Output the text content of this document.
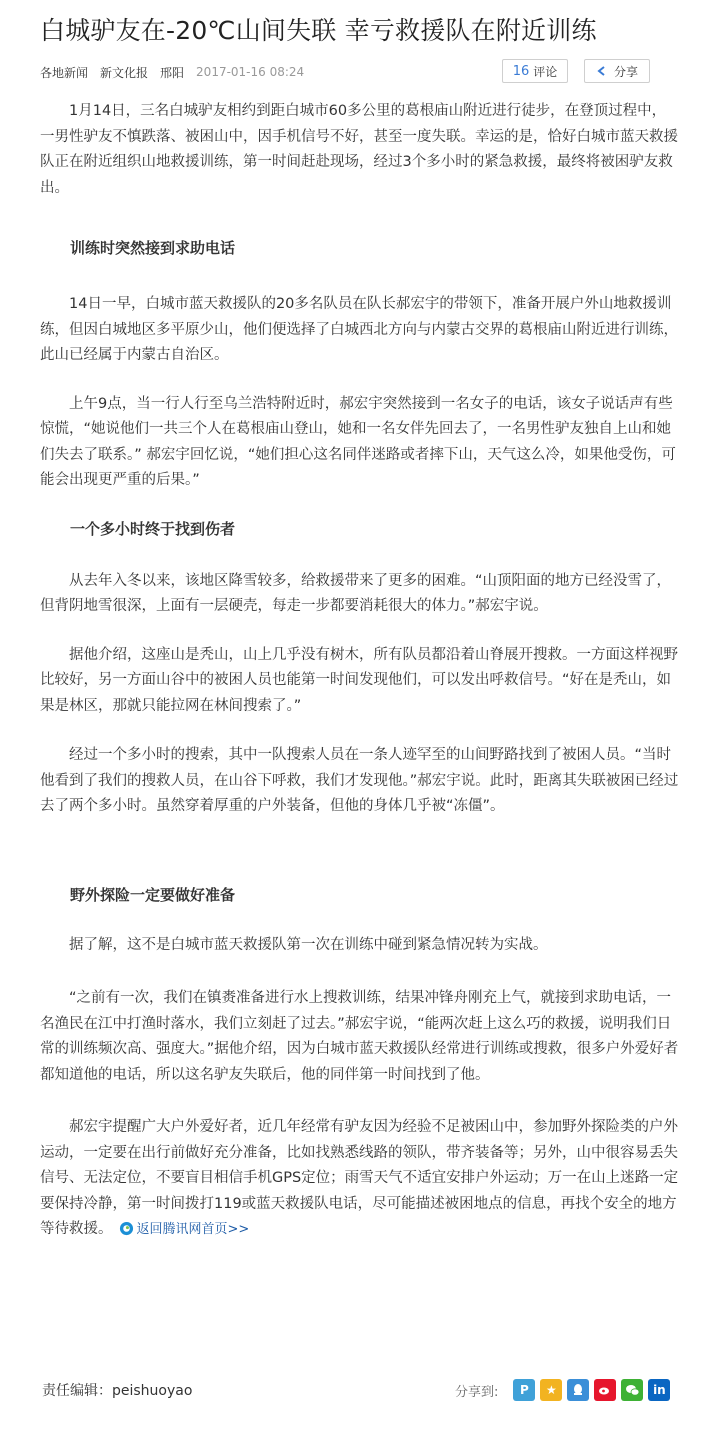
白城驴友在-20℃山间失联 幸亏救援队在附近训练
各地新闻 新文化报 邢阳 2017-01-16 08:24	16 评论	分享

1月14日，三名白城驴友相约到距白城市60多公里的葛根庙山附近进行徒步，在登顶过程中，一男性驴友不慎跌落、被困山中，因手机信号不好，甚至一度失联。幸运的是，恰好白城市蓝天救援队正在附近组织山地救援训练，第一时间赶赴现场，经过3个多小时的紧急救援，最终将被困驴友救出。

训练时突然接到求助电话

14日一早，白城市蓝天救援队的20多名队员在队长郝宏宇的带领下，准备开展户外山地救援训练，但因白城地区多平原少山，他们便选择了白城西北方向与内蒙古交界的葛根庙山附近进行训练，此山已经属于内蒙古自治区。

上午9点，当一行人行至乌兰浩特附近时，郝宏宇突然接到一名女子的电话，该女子说话声有些惊慌，“她说他们一共三个人在葛根庙山登山，她和一名女伴先回去了，一名男性驴友独自上山和她们失去了联系。” 郝宏宇回忆说，“她们担心这名同伴迷路或者摔下山，天气这么冷，如果他受伤，可能会出现更严重的后果。”

一个多小时终于找到伤者

从去年入冬以来，该地区降雪较多，给救援带来了更多的困难。“山顶阳面的地方已经没雪了，但背阴地雪很深，上面有一层硬壳，每走一步都要消耗很大的体力。”郝宏宇说。

据他介绍，这座山是秃山，山上几乎没有树木，所有队员都沿着山脊展开搜救。一方面这样视野比较好，另一方面山谷中的被困人员也能第一时间发现他们，可以发出呼救信号。“好在是秃山，如果是林区，那就只能拉网在林间搜索了。”

经过一个多小时的搜索，其中一队搜索人员在一条人迹罕至的山间野路找到了被困人员。“当时他看到了我们的搜救人员，在山谷下呼救，我们才发现他。”郝宏宇说。此时，距离其失联被困已经过去了两个多小时。虽然穿着厚重的户外装备，但他的身体几乎被“冻僵”。

野外探险一定要做好准备

据了解，这不是白城市蓝天救援队第一次在训练中碰到紧急情况转为实战。

“之前有一次，我们在镇赉准备进行水上搜救训练，结果冲锋舟刚充上气，就接到求助电话，一名渔民在江中打渔时落水，我们立刻赶了过去。”郝宏宇说，“能两次赶上这么巧的救援，说明我们日常的训练频次高、强度大。”据他介绍，因为白城市蓝天救援队经常进行训练或搜救，很多户外爱好者都知道他的电话，所以这名驴友失联后，他的同伴第一时间找到了他。

郝宏宇提醒广大户外爱好者，近几年经常有驴友因为经验不足被困山中，参加野外探险类的户外运动，一定要在出行前做好充分准备，比如找熟悉线路的领队，带齐装备等；另外，山中很容易丢失信号、无法定位，不要盲目相信手机GPS定位；雨雪天气不适宜安排户外运动；万一在山上迷路一定要保持冷静，第一时间拨打119或蓝天救援队电话，尽可能描述被困地点的信息，再找个安全的地方等待救援。 返回腾讯网首页>>

责任编辑：peishuoyao	分享到:	P	★	in
